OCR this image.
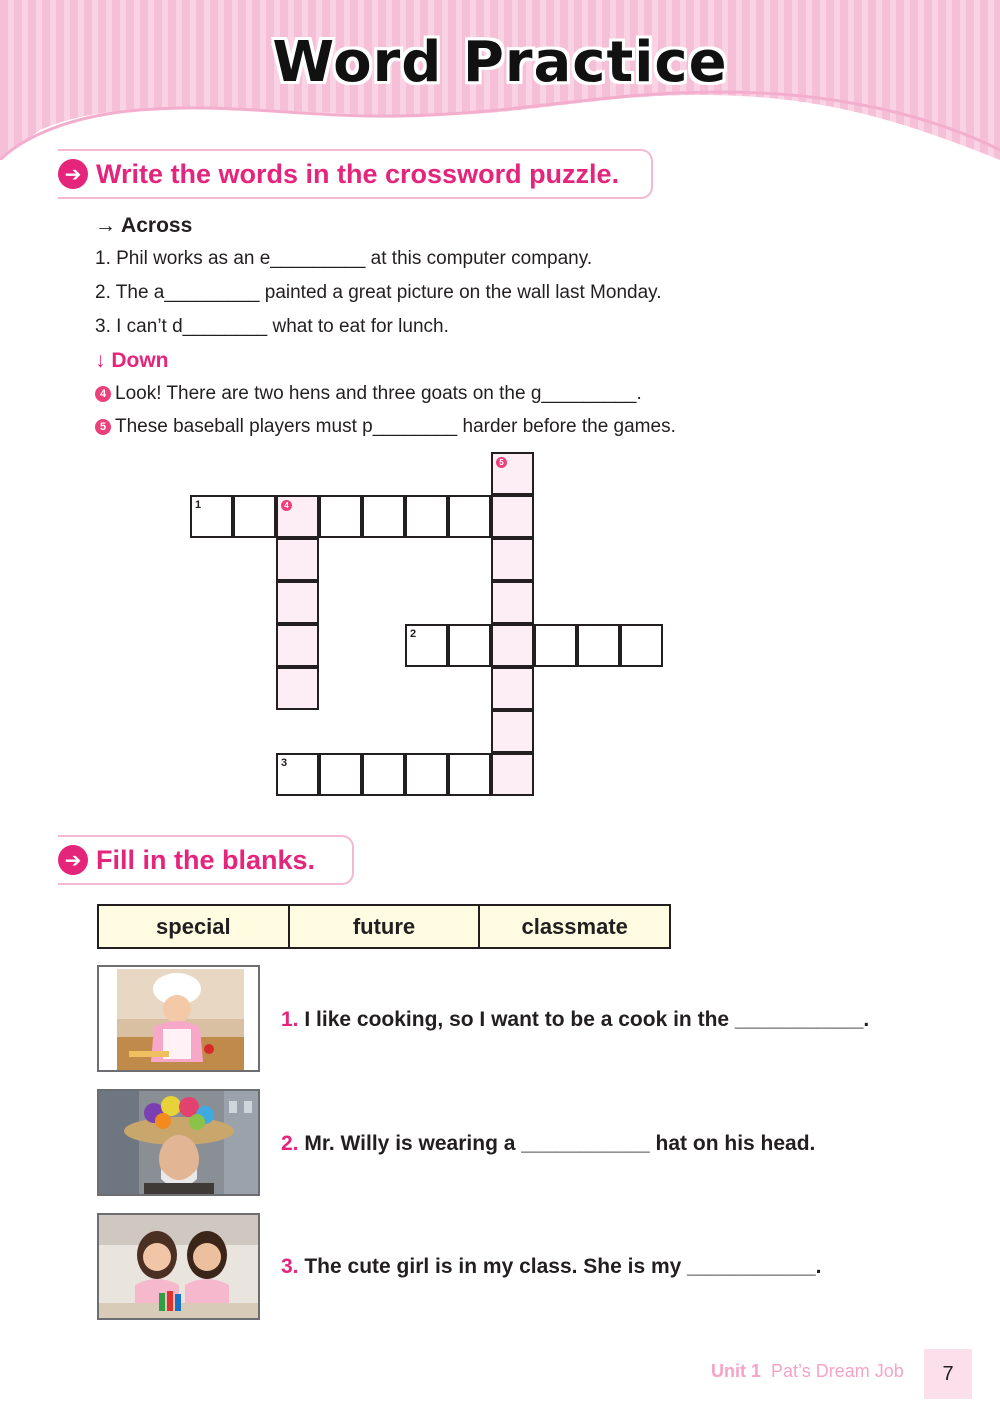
Word Practice
➔ Write the words in the crossword puzzle.
→ Across
1. Phil works as an e_________ at this computer company.
2. The a_________ painted a great picture on the wall last Monday.
3. I can’t d________ what to eat for lunch.
↓ Down
4 Look! There are two hens and three goats on the g_________.
5 These baseball players must p________ harder before the games.
1	4
5
2
3
➔ Fill in the blanks.
special	future	classmate
1. I like cooking, so I want to be a cook in the ___________.
2. Mr. Willy is wearing a ___________ hat on his head.
3. The cute girl is in my class. She is my ___________.
Unit 1 Pat’s Dream Job	7
